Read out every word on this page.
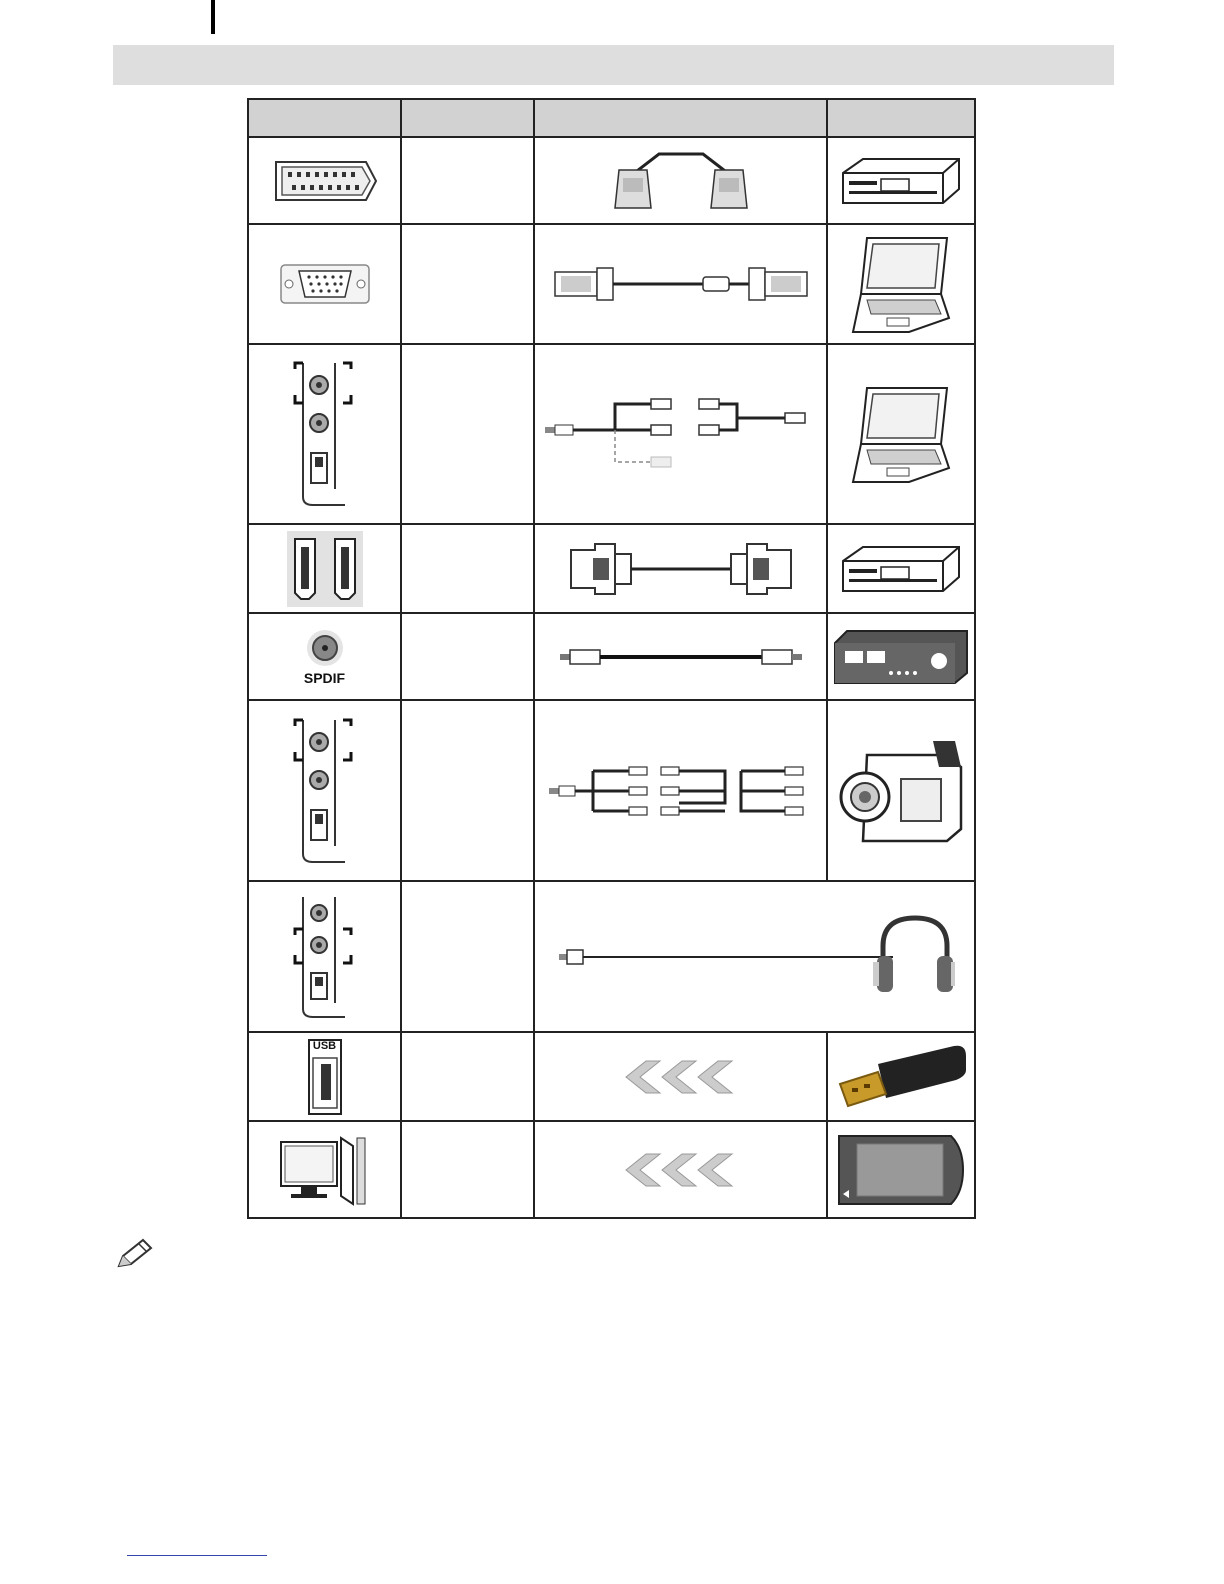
SPDIF
